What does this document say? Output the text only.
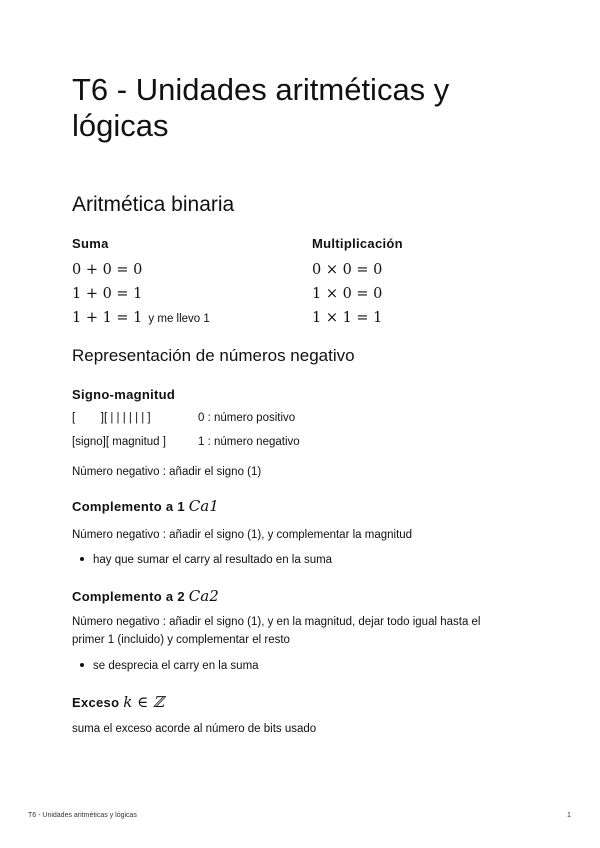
T6 - Unidades aritméticas y lógicas
Aritmética binaria
Suma
0 + 0 = 0
1 + 0 = 1
1 + 1 = 1 y me llevo 1
Multiplicación
0 × 0 = 0
1 × 0 = 0
1 × 1 = 1
Representación de números negativo
Signo-magnitud
[        ][ | | | | | | ]	0 : número positivo
[signo][ magnitud ]	1 : número negativo
Número negativo : añadir el signo (1)
Complemento a 1 Ca1
Número negativo : añadir el signo (1), y complementar la magnitud
hay que sumar el carry al resultado en la suma
Complemento a 2 Ca2
Número negativo : añadir el signo (1), y en la magnitud, dejar todo igual hasta el
primer 1 (incluido) y complementar el resto
se desprecia el carry en la suma
Exceso k ∈ ℤ
suma el exceso acorde al número de bits usado
T6 - Unidades aritméticas y lógicas	1
